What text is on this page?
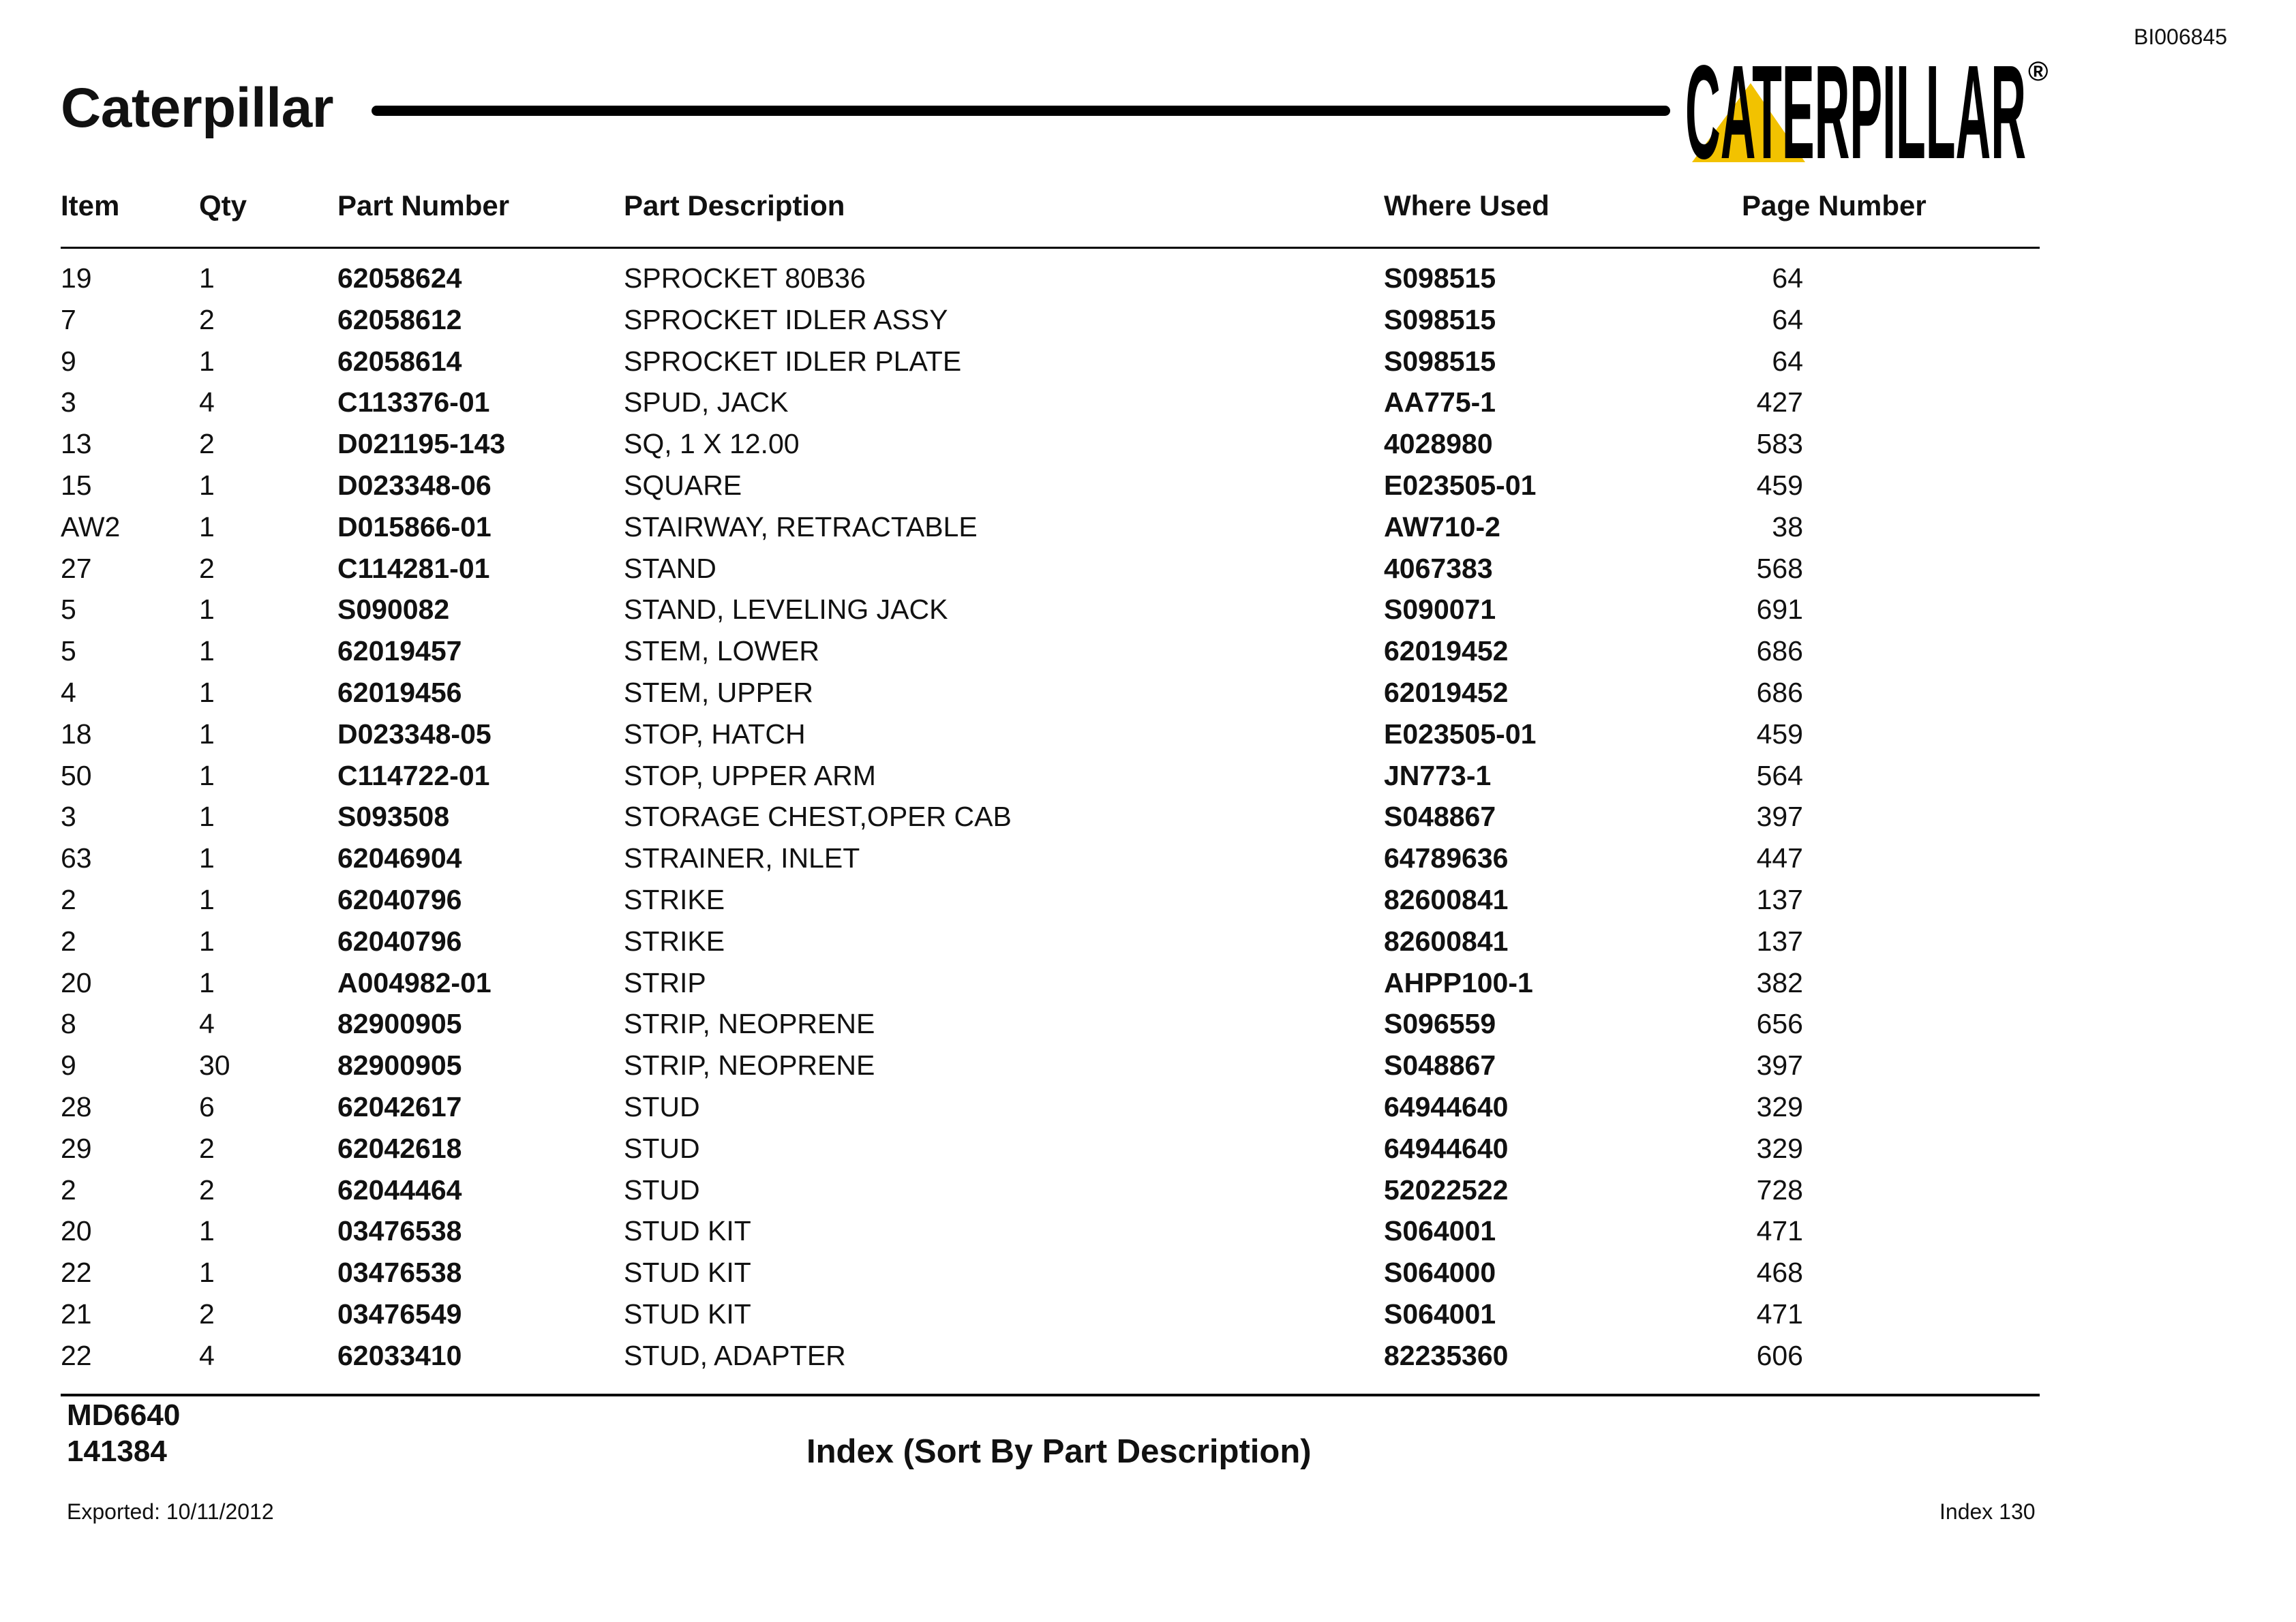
BI006845
Caterpillar	CATERPILLAR ®
Item	Qty	Part Number	Part Description	Where Used	Page Number
19	1	62058624	SPROCKET 80B36	S098515	64
7	2	62058612	SPROCKET IDLER ASSY	S098515	64
9	1	62058614	SPROCKET IDLER PLATE	S098515	64
3	4	C113376-01	SPUD, JACK	AA775-1	427
13	2	D021195-143	SQ, 1 X 12.00	4028980	583
15	1	D023348-06	SQUARE	E023505-01	459
AW2	1	D015866-01	STAIRWAY, RETRACTABLE	AW710-2	38
27	2	C114281-01	STAND	4067383	568
5	1	S090082	STAND, LEVELING JACK	S090071	691
5	1	62019457	STEM, LOWER	62019452	686
4	1	62019456	STEM, UPPER	62019452	686
18	1	D023348-05	STOP, HATCH	E023505-01	459
50	1	C114722-01	STOP, UPPER ARM	JN773-1	564
3	1	S093508	STORAGE CHEST,OPER CAB	S048867	397
63	1	62046904	STRAINER, INLET	64789636	447
2	1	62040796	STRIKE	82600841	137
2	1	62040796	STRIKE	82600841	137
20	1	A004982-01	STRIP	AHPP100-1	382
8	4	82900905	STRIP, NEOPRENE	S096559	656
9	30	82900905	STRIP, NEOPRENE	S048867	397
28	6	62042617	STUD	64944640	329
29	2	62042618	STUD	64944640	329
2	2	62044464	STUD	52022522	728
20	1	03476538	STUD KIT	S064001	471
22	1	03476538	STUD KIT	S064000	468
21	2	03476549	STUD KIT	S064001	471
22	4	62033410	STUD, ADAPTER	82235360	606
MD6640
141384	Index (Sort By Part Description)
Exported: 10/11/2012	Index 130
